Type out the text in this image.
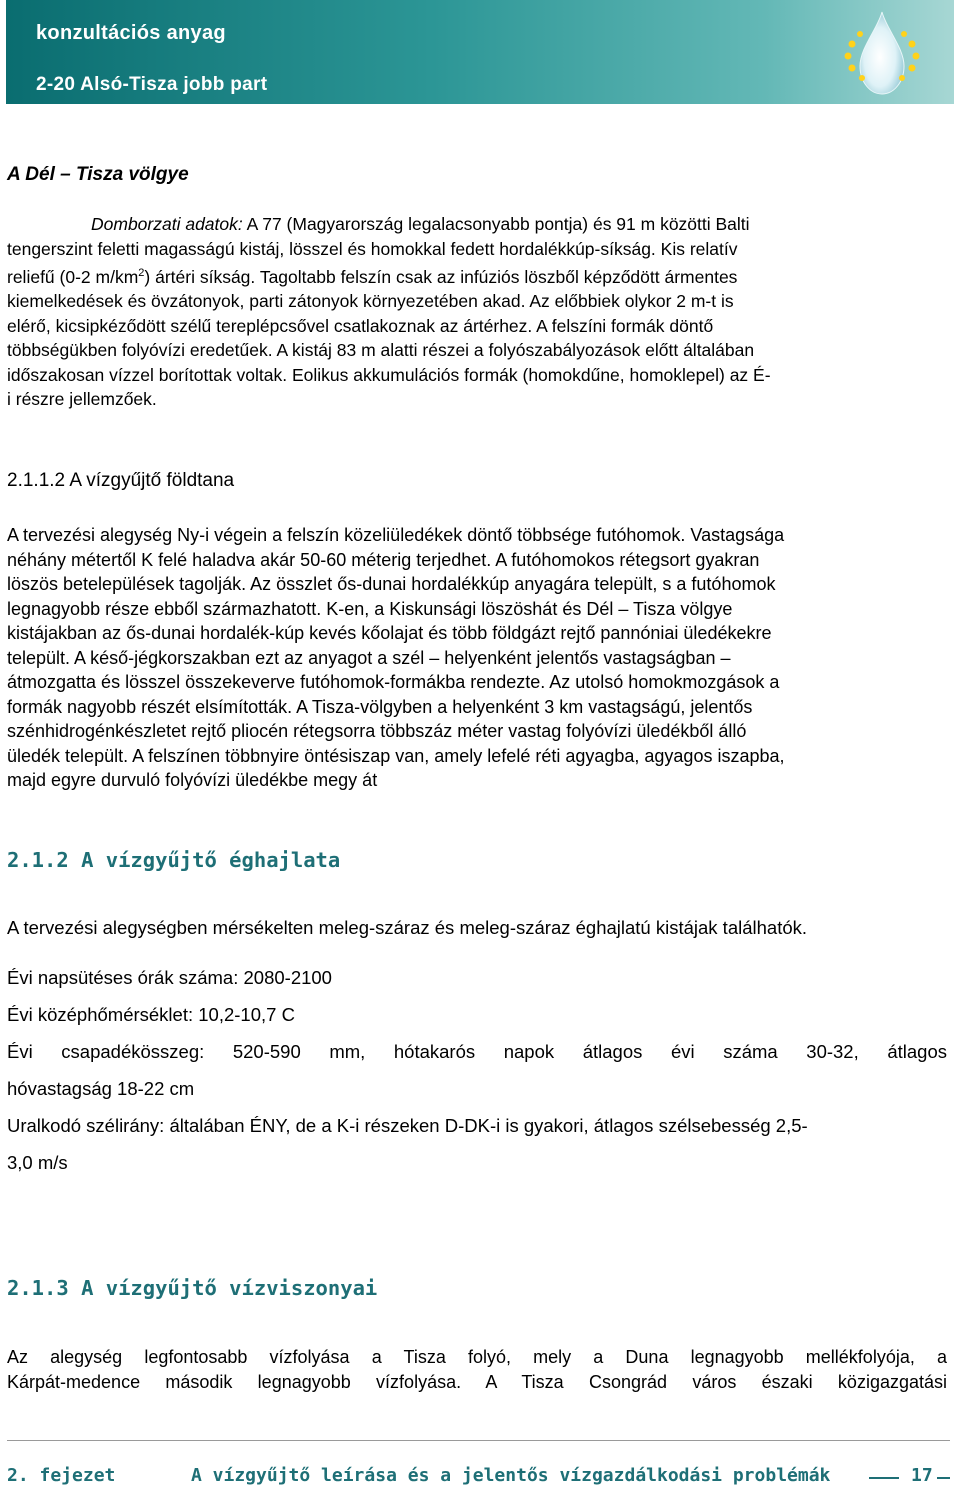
konzultációs anyag
2-20 Alsó-Tisza jobb part
A Dél – Tisza völgye

Domborzati adatok: A 77 (Magyarország legalacsonyabb pontja) és 91 m közötti Balti

tengerszint feletti magasságú kistáj, lösszel és homokkal fedett hordalékkúp-síkság. Kis relatív

reliefű (0-2 $m/km^2$) ártéri síkság. Tagoltabb felszín csak az infúziós löszből képződött ármentes

kiemelkedések és övzátonyok, parti zátonyok környezetében akad. Az előbbiek olykor 2 m-t is

elérő, kicsipkéződött szélű tereplépcsővel csatlakoznak az ártérhez. A felszíni formák döntő

többségükben folyóvízi eredetűek. A kistáj 83 m alatti részei a folyószabályozások előtt általában

időszakosan vízzel borítottak voltak. Eolikus akkumulációs formák (homokdűne, homoklepel) az É-

i részre jellemzőek.

2.1.1.2 A vízgyűjtő földtana

A tervezési alegység Ny-i végein a felszín közeliüledékek döntő többsége futóhomok. Vastagsága

néhány métertől K felé haladva akár 50-60 méterig terjedhet. A futóhomokos rétegsort gyakran

löszös betelepülések tagolják. Az összlet ős-dunai hordalékkúp anyagára települt, s a futóhomok

legnagyobb része ebből származhatott. K-en, a Kiskunsági löszöshát és Dél – Tisza völgye

kistájakban az ős-dunai hordalék-kúp kevés kőolajat és több földgázt rejtő pannóniai üledékekre

települt. A késő-jégkorszakban ezt az anyagot a szél – helyenként jelentős vastagságban –

átmozgatta és lösszel összekeverve futóhomok-formákba rendezte. Az utolsó homokmozgások a

formák nagyobb részét elsímították. A Tisza-völgyben a helyenként 3 km vastagságú, jelentős

szénhidrogénkészletet rejtő pliocén rétegsorra többszáz méter vastag folyóvízi üledékből álló

üledék települt. A felszínen többnyire öntésiszap van, amely lefelé réti agyagba, agyagos iszapba,

majd egyre durvuló folyóvízi üledékbe megy át

2.1.2 A vízgyűjtő éghajlata
A tervezési alegységben mérsékelten meleg-száraz és meleg-száraz éghajlatú kistájak találhatók.
Évi napsütéses órák száma: 2080-2100
Évi középhőmérséklet: 10,2-10,7 C
Évi csapadékösszeg: 520-590 mm, hótakarós napok átlagos évi száma 30-32, átlagos
hóvastagság 18-22 cm
Uralkodó szélirány: általában ÉNY, de a K-i részeken D-DK-i is gyakori, átlagos szélsebesség 2,5-
3,0 m/s
2.1.3 A vízgyűjtő vízviszonyai

Az alegység legfontosabb vízfolyása a Tisza folyó, mely a Duna legnagyobb mellékfolyója, a

Kárpát-medence második legnagyobb vízfolyása. A Tisza Csongrád város északi közigazgatási

2. fejezet	A vízgyűjtő leírása és a jelentős vízgazdálkodási problémák	17
